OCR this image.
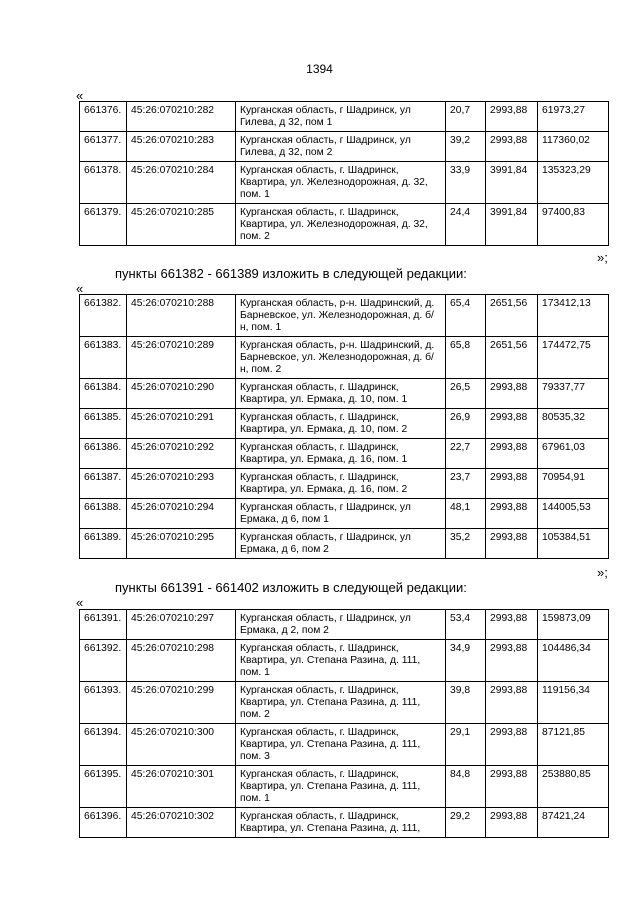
1394
«
661376.	45:26:070210:282	Курганская область, г Шадринск, ул Гилева, д 32, пом 1	20,7	2993,88	61973,27
661377.	45:26:070210:283	Курганская область, г Шадринск, ул Гилева, д 32, пом 2	39,2	2993,88	117360,02
661378.	45:26:070210:284	Курганская область, г. Шадринск, Квартира, ул. Железнодорожная, д. 32, пом. 1	33,9	3991,84	135323,29
661379.	45:26:070210:285	Курганская область, г. Шадринск, Квартира, ул. Железнодорожная, д. 32, пом. 2	24,4	3991,84	97400,83
»;
пункты 661382 - 661389 изложить в следующей редакции:
«
661382.	45:26:070210:288	Курганская область, р-н. Шадринский, д. Барневское, ул. Железнодорожная, д. б/н, пом. 1	65,4	2651,56	173412,13
661383.	45:26:070210:289	Курганская область, р-н. Шадринский, д. Барневское, ул. Железнодорожная, д. б/н, пом. 2	65,8	2651,56	174472,75
661384.	45:26:070210:290	Курганская область, г. Шадринск, Квартира, ул. Ермака, д. 10, пом. 1	26,5	2993,88	79337,77
661385.	45:26:070210:291	Курганская область, г. Шадринск, Квартира, ул. Ермака, д. 10, пом. 2	26,9	2993,88	80535,32
661386.	45:26:070210:292	Курганская область, г. Шадринск, Квартира, ул. Ермака, д. 16, пом. 1	22,7	2993,88	67961,03
661387.	45:26:070210:293	Курганская область, г. Шадринск, Квартира, ул. Ермака, д. 16, пом. 2	23,7	2993,88	70954,91
661388.	45:26:070210:294	Курганская область, г Шадринск, ул Ермака, д 6, пом 1	48,1	2993,88	144005,53
661389.	45:26:070210:295	Курганская область, г Шадринск, ул Ермака, д 6, пом 2	35,2	2993,88	105384,51
»;
пункты 661391 - 661402 изложить в следующей редакции:
«
661391.	45:26:070210:297	Курганская область, г Шадринск, ул Ермака, д 2, пом 2	53,4	2993,88	159873,09
661392.	45:26:070210:298	Курганская область, г. Шадринск, Квартира, ул. Степана Разина, д. 111, пом. 1	34,9	2993,88	104486,34
661393.	45:26:070210:299	Курганская область, г. Шадринск, Квартира, ул. Степана Разина, д. 111, пом. 2	39,8	2993,88	119156,34
661394.	45:26:070210:300	Курганская область, г. Шадринск, Квартира, ул. Степана Разина, д. 111, пом. 3	29,1	2993,88	87121,85
661395.	45:26:070210:301	Курганская область, г. Шадринск, Квартира, ул. Степана Разина, д. 111, пом. 1	84,8	2993,88	253880,85
661396.	45:26:070210:302	Курганская область, г. Шадринск, Квартира, ул. Степана Разина, д. 111,	29,2	2993,88	87421,24
